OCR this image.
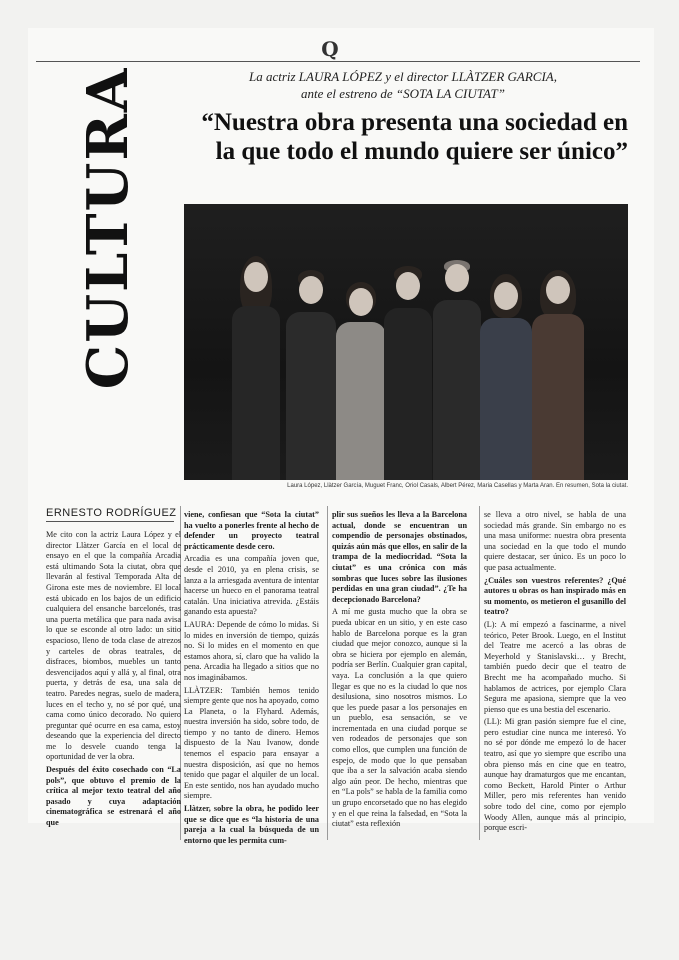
Q
CULTURA	La actriz LAURA LÓPEZ y el director LLÀTZER GARCIA,
ante el estreno de “SOTA LA CIUTAT”
“Nuestra obra presenta una sociedad en la que todo el mundo quiere ser único”
Laura López, Llàtzer García, Muguet Franc, Oriol Casals, Albert Pérez, Maria Casellas y Marta Aran. En resumen, Sota la ciutat.
ERNESTO RODRÍGUEZ

Me cito con la actriz Laura López y el director Llàtzer García en el local de ensayo en el que la compañía Arcadia está ultimando Sota la ciutat, obra que llevarán al festival Temporada Alta de Girona este mes de noviembre. El local está ubicado en los bajos de un edificio cualquiera del ensanche barcelonés, tras una puerta metálica que para nada avisa lo que se esconde al otro lado: un sitio espacioso, lleno de toda clase de atrezos y carteles de obras teatrales, de disfraces, biombos, muebles un tanto desvencijados aquí y allá y, al final, otra puerta, y detrás de esa, una sala de teatro. Paredes negras, suelo de madera, luces en el techo y, no sé por qué, una cama como único decorado. No quiero preguntar qué ocurre en esa cama, estoy deseando que la experiencia del directo me lo desvele cuando tenga la oportunidad de ver la obra.

Después del éxito cosechado con “La pols”, que obtuvo el premio de la crítica al mejor texto teatral del año pasado y cuya adaptación cinematográfica se estrenará el año que

viene, confiesan que “Sota la ciutat” ha vuelto a ponerles frente al hecho de defender un proyecto teatral prácticamente desde cero.

Arcadia es una compañía joven que, desde el 2010, ya en plena crisis, se lanza a la arriesgada aventura de intentar hacerse un hueco en el panorama teatral catalán. Una iniciativa atrevida. ¿Estáis ganando esta apuesta?

LAURA: Depende de cómo lo midas. Si lo mides en inversión de tiempo, quizás no. Si lo mides en el momento en que estamos ahora, sí, claro que ha valido la pena. Arcadia ha llegado a sitios que no nos imaginábamos.

LLÀTZER: También hemos tenido siempre gente que nos ha apoyado, como La Planeta, o la Flyhard. Además, nuestra inversión ha sido, sobre todo, de tiempo y no tanto de dinero. Hemos dispuesto de la Nau Ivanow, donde tenemos el espacio para ensayar a nuestra disposición, así que no hemos tenido que pagar el alquiler de un local. En este sentido, nos han ayudado mucho siempre.

Llàtzer, sobre la obra, he podido leer que se dice que es “la historia de una pareja a la cual la búsqueda de un entorno que les permita cum-

plir sus sueños les lleva a la Barcelona actual, donde se encuentran un compendio de personajes obstinados, quizás aún más que ellos, en salir de la trampa de la mediocridad. “Sota la ciutat” es una crónica con más sombras que luces sobre las ilusiones perdidas en una gran ciudad”. ¿Te ha decepcionado Barcelona?

A mí me gusta mucho que la obra se pueda ubicar en un sitio, y en este caso hablo de Barcelona porque es la gran ciudad que mejor conozco, aunque si la obra se hiciera por ejemplo en alemán, podría ser Berlín. Cualquier gran capital, vaya. La conclusión a la que quiero llegar es que no es la ciudad lo que nos desilusiona, sino nosotros mismos. Lo que les puede pasar a los personajes en un pueblo, esa sensación, se ve incrementada en una ciudad porque se ven rodeados de personajes que son como ellos, que cumplen una función de espejo, de modo que lo que pensaban que iba a ser la salvación acaba siendo algo aún peor. De hecho, mientras que en “La pols” se habla de la familia como un grupo encorsetado que no has elegido y en el que reina la falsedad, en “Sota la ciutat” esta reflexión

se lleva a otro nivel, se habla de una sociedad más grande. Sin embargo no es una masa uniforme: nuestra obra presenta una sociedad en la que todo el mundo quiere destacar, ser único. Es un poco lo que pasa actualmente.

¿Cuáles son vuestros referentes? ¿Qué autores u obras os han inspirado más en su momento, os metieron el gusanillo del teatro?

(L): A mí empezó a fascinarme, a nivel teórico, Peter Brook. Luego, en el Institut del Teatre me acercó a las obras de Meyerhold y Stanislavski… y Brecht, también puedo decir que el teatro de Brecht me ha acompañado mucho. Si hablamos de actrices, por ejemplo Clara Segura me apasiona, siempre que la veo pienso que es una bestia del escenario.

(LL): Mi gran pasión siempre fue el cine, pero estudiar cine nunca me interesó. Yo no sé por dónde me empezó lo de hacer teatro, así que yo siempre que escribo una obra pienso más en cine que en teatro, aunque hay dramaturgos que me encantan, como Beckett, Harold Pinter o Arthur Miller, pero mis referentes han venido sobre todo del cine, como por ejemplo Woody Allen, aunque más al principio, porque escri-
